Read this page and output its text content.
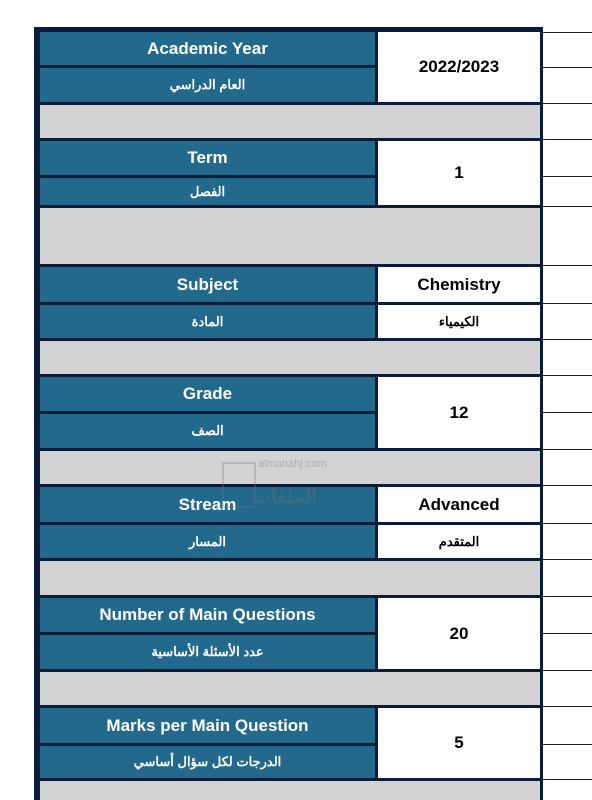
Academic Year
العام الدراسي
2022/2023
Term
الفصل
1
Subject
المادة
Chemistry
الكيمياء
Grade
الصف
12
Stream
المسار
Advanced
المتقدم
Number of Main Questions
عدد الأسئلة الأساسية
20
Marks per Main Question
الدرجات لكل سؤال أساسي
5
almanahj.com
الملفات
